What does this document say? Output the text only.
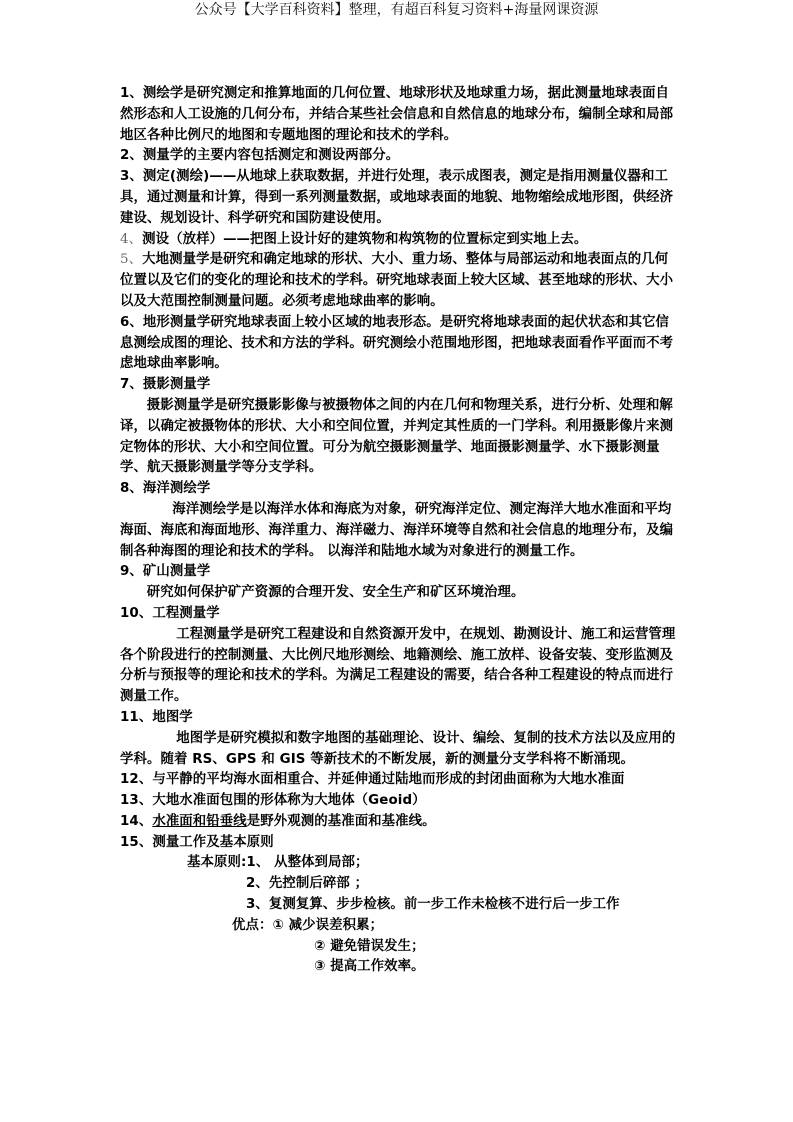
公众号【大学百科资料】整理，有超百科复习资料+海量网课资源

1、测绘学是研究测定和推算地面的几何位置、地球形状及地球重力场，据此测量地球表面自然形态和人工设施的几何分布，并结合某些社会信息和自然信息的地球分布，编制全球和局部地区各种比例尺的地图和专题地图的理论和技术的学科。

2、测量学的主要内容包括测定和测设两部分。

3、测定(测绘)——从地球上获取数据，并进行处理，表示成图表，测定是指用测量仪器和工具，通过测量和计算，得到一系列测量数据，或地球表面的地貌、地物缩绘成地形图，供经济建设、规划设计、科学研究和国防建设使用。

4、测设（放样）——把图上设计好的建筑物和构筑物的位置标定到实地上去。

5、大地测量学是研究和确定地球的形状、大小、重力场、整体与局部运动和地表面点的几何位置以及它们的变化的理论和技术的学科。研究地球表面上较大区域、甚至地球的形状、大小以及大范围控制测量问题。必须考虑地球曲率的影响。

6、地形测量学研究地球表面上较小区域的地表形态。是研究将地球表面的起伏状态和其它信息测绘成图的理论、技术和方法的学科。研究测绘小范围地形图，把地球表面看作平面而不考虑地球曲率影响。

7、摄影测量学

摄影测量学是研究摄影影像与被摄物体之间的内在几何和物理关系，进行分析、处理和解译，以确定被摄物体的形状、大小和空间位置，并判定其性质的一门学科。利用摄影像片来测定物体的形状、大小和空间位置。可分为航空摄影测量学、地面摄影测量学、水下摄影测量学、航天摄影测量学等分支学科。

8、海洋测绘学

海洋测绘学是以海洋水体和海底为对象，研究海洋定位、测定海洋大地水准面和平均海面、海底和海面地形、海洋重力、海洋磁力、海洋环境等自然和社会信息的地理分布，及编制各种海图的理论和技术的学科。 以海洋和陆地水域为对象进行的测量工作。

9、矿山测量学

研究如何保护矿产资源的合理开发、安全生产和矿区环境治理。

10、工程测量学

工程测量学是研究工程建设和自然资源开发中，在规划、勘测设计、施工和运营管理各个阶段进行的控制测量、大比例尺地形测绘、地籍测绘、施工放样、设备安装、变形监测及分析与预报等的理论和技术的学科。为满足工程建设的需要，结合各种工程建设的特点而进行测量工作。

11、地图学

地图学是研究模拟和数字地图的基础理论、设计、编绘、复制的技术方法以及应用的学科。随着 RS、GPS 和 GIS 等新技术的不断发展，新的测量分支学科将不断涌现。

12、与平静的平均海水面相重合、并延伸通过陆地而形成的封闭曲面称为大地水准面

13、大地水准面包围的形体称为大地体（Geoid）

14、水准面和铅垂线是野外观测的基准面和基准线。

15、测量工作及基本原则

基本原则:1、 从整体到局部；

2、先控制后碎部 ；

3、复测复算、步步检核。前一步工作未检核不进行后一步工作

优点：① 减少误差积累；

② 避免错误发生；

③ 提高工作效率。
